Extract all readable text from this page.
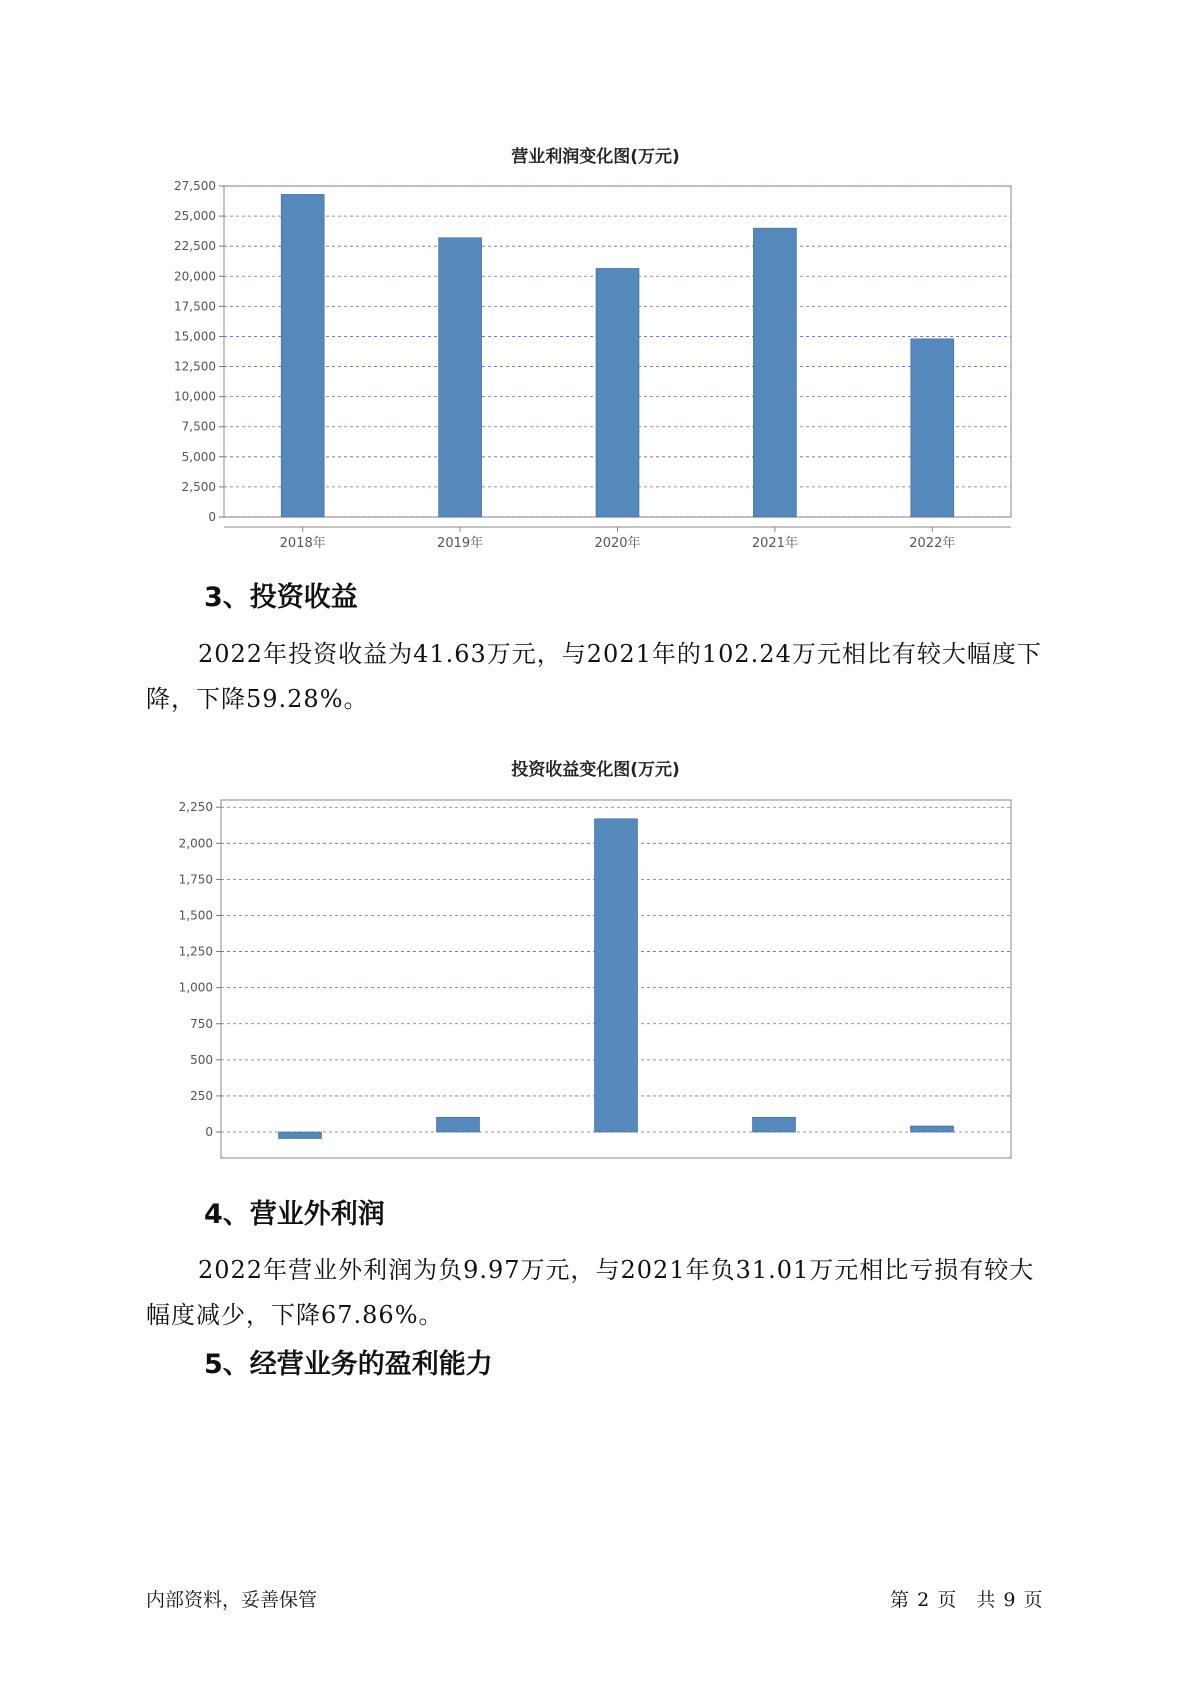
营业利润变化图(万元)
0
2,500
5,000
7,500
10,000
12,500
15,000
17,500
20,000
22,500
25,000
27,500
2018年	2019年	2020年	2021年	2022年
3、投资收益

2022年投资收益为41.63万元，与2021年的102.24万元相比有较大幅度下降，下降59.28%。

投资收益变化图(万元)
0
250
500
750
1,000
1,250
1,500
1,750
2,000
2,250
4、营业外利润

2022年营业外利润为负9.97万元，与2021年负31.01万元相比亏损有较大幅度减少，下降67.86%。

5、经营业务的盈利能力
内部资料，妥善保管	第 2 页 共 9 页
